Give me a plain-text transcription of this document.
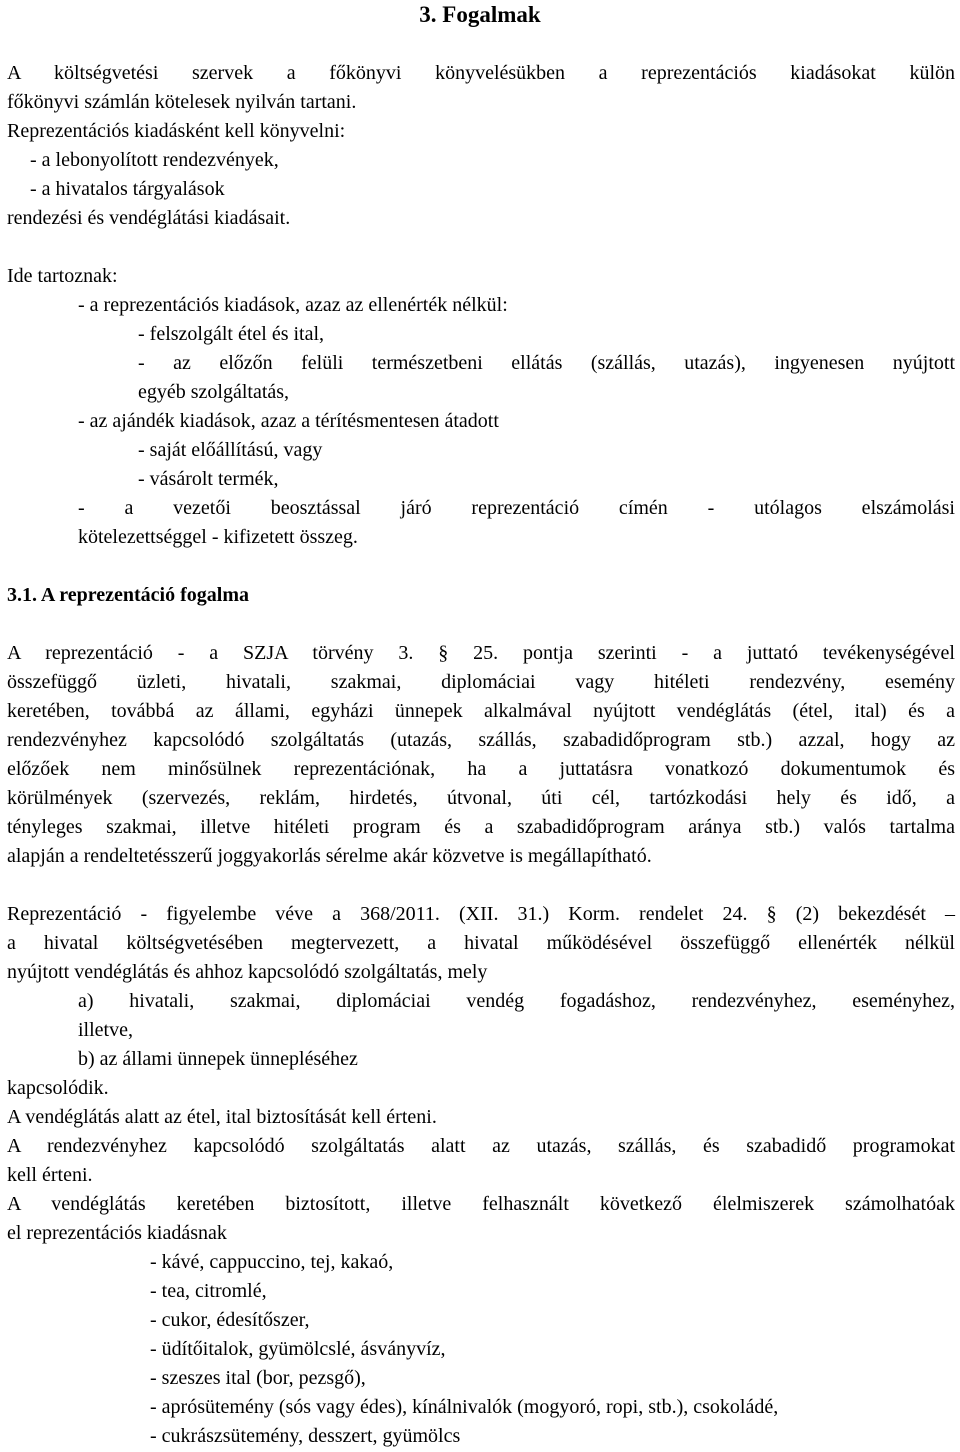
3. Fogalmak
A költségvetési szervek a főkönyvi könyvelésükben a reprezentációs kiadásokat külön
főkönyvi számlán kötelesek nyilván tartani.
Reprezentációs kiadásként kell könyvelni:
- a lebonyolított rendezvények,
- a hivatalos tárgyalások
rendezési és vendéglátási kiadásait.
Ide tartoznak:
- a reprezentációs kiadások, azaz az ellenérték nélkül:
- felszolgált étel és ital,
- az előzőn felüli természetbeni ellátás (szállás, utazás), ingyenesen nyújtott
egyéb szolgáltatás,
- az ajándék kiadások, azaz a térítésmentesen átadott
- saját előállítású, vagy
- vásárolt termék,
- a vezetői beosztással járó reprezentáció címén - utólagos elszámolási
kötelezettséggel - kifizetett összeg.
3.1. A reprezentáció fogalma
A reprezentáció - a SZJA törvény 3. § 25. pontja szerinti - a juttató tevékenységével
összefüggő üzleti, hivatali, szakmai, diplomáciai vagy hitéleti rendezvény, esemény
keretében, továbbá az állami, egyházi ünnepek alkalmával nyújtott vendéglátás (étel, ital) és a
rendezvényhez kapcsolódó szolgáltatás (utazás, szállás, szabadidőprogram stb.) azzal, hogy az
előzőek nem minősülnek reprezentációnak, ha a juttatásra vonatkozó dokumentumok és
körülmények (szervezés, reklám, hirdetés, útvonal, úti cél, tartózkodási hely és idő, a
tényleges szakmai, illetve hitéleti program és a szabadidőprogram aránya stb.) valós tartalma
alapján a rendeltetésszerű joggyakorlás sérelme akár közvetve is megállapítható.
Reprezentáció - figyelembe véve a 368/2011. (XII. 31.) Korm. rendelet 24. § (2) bekezdését –
a hivatal költségvetésében megtervezett, a hivatal működésével összefüggő ellenérték nélkül
nyújtott vendéglátás és ahhoz kapcsolódó szolgáltatás, mely
a) hivatali, szakmai, diplomáciai vendég fogadáshoz, rendezvényhez, eseményhez,
illetve,
b) az állami ünnepek ünnepléséhez
kapcsolódik.
A vendéglátás alatt az étel, ital biztosítását kell érteni.
A rendezvényhez kapcsolódó szolgáltatás alatt az utazás, szállás, és szabadidő programokat
kell érteni.
A vendéglátás keretében biztosított, illetve felhasznált következő élelmiszerek számolhatóak
el reprezentációs kiadásnak
- kávé, cappuccino, tej, kakaó,
- tea, citromlé,
- cukor, édesítőszer,
- üdítőitalok, gyümölcslé, ásványvíz,
- szeszes ital (bor, pezsgő),
- aprósütemény (sós vagy édes), kínálnivalók (mogyoró, ropi, stb.), csokoládé,
- cukrászsütemény, desszert, gyümölcs
